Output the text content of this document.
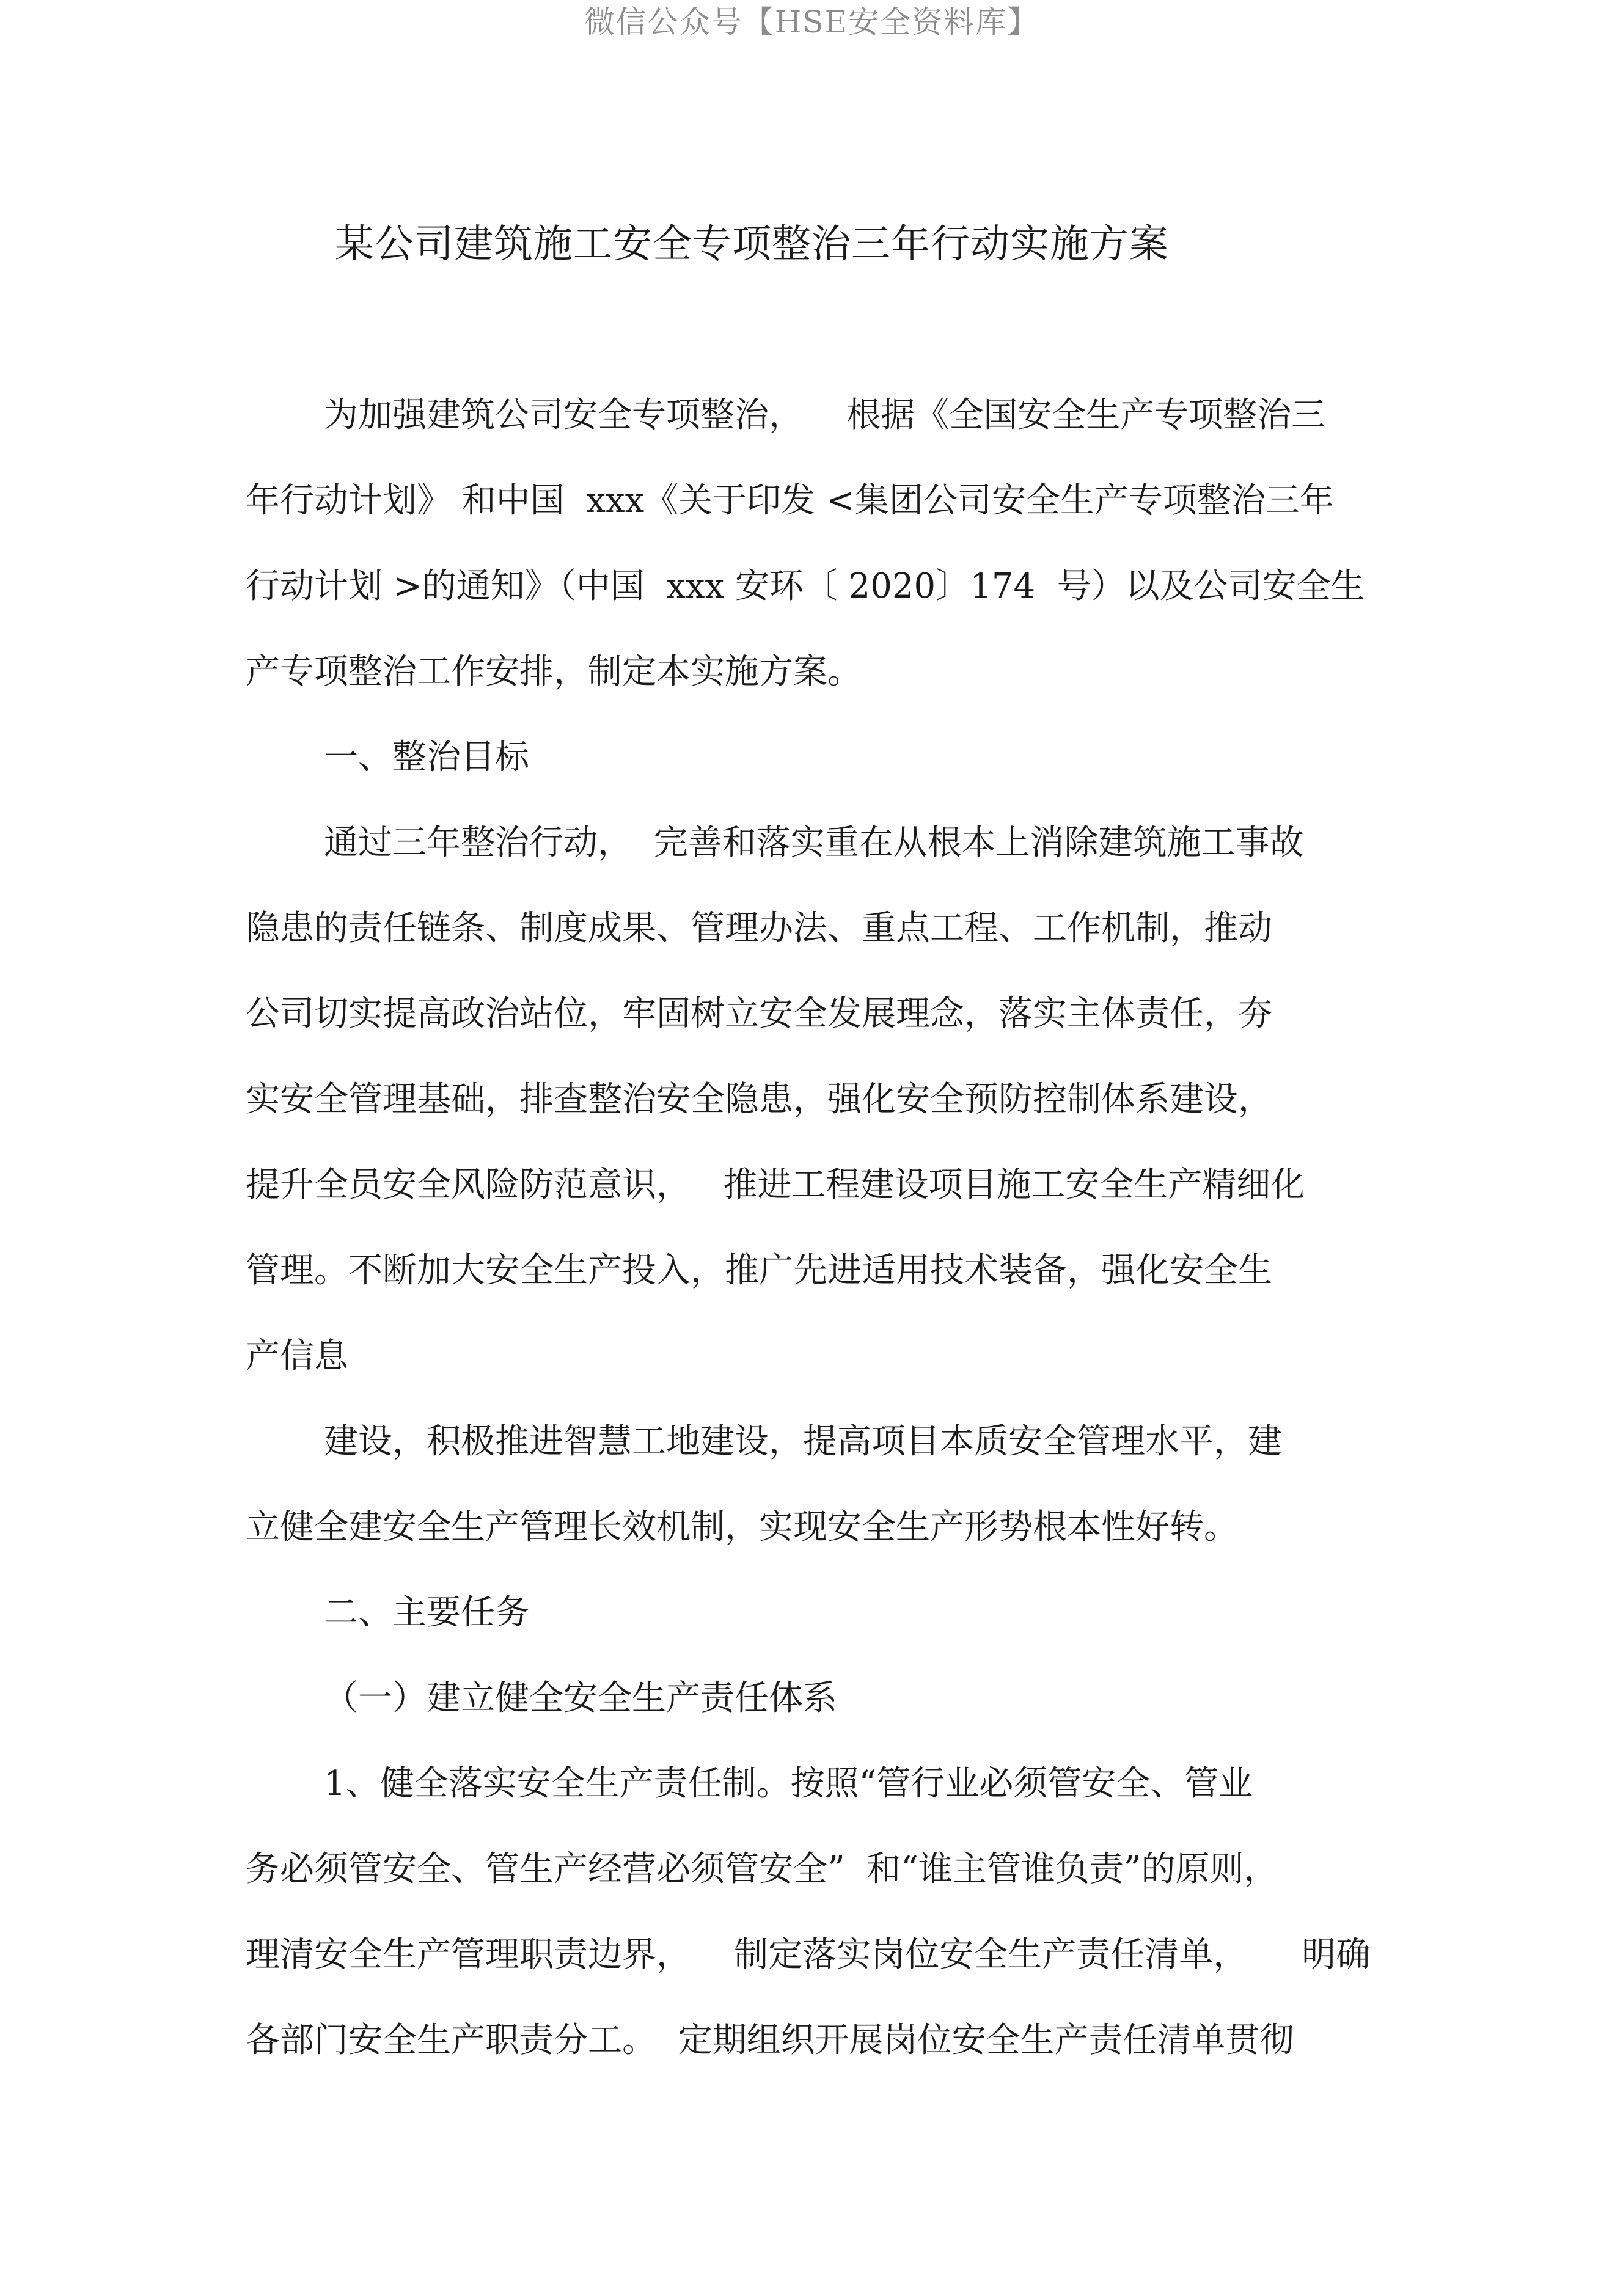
微信公众号【HSE安全资料库】
某公司建筑施工安全专项整治三年行动实施方案
为加强建筑公司安全专项整治，    根据《全国安全生产专项整治三
年行动计划》 和中国  xxx《关于印发 <集团公司安全生产专项整治三年
行动计划 >的通知》（中国  xxx 安环〔 2020〕174  号）以及公司安全生
产专项整治工作安排，制定本实施方案。
一、整治目标
通过三年整治行动，  完善和落实重在从根本上消除建筑施工事故
隐患的责任链条、制度成果、管理办法、重点工程、工作机制，推动
公司切实提高政治站位，牢固树立安全发展理念，落实主体责任，夯
实安全管理基础，排查整治安全隐患，强化安全预防控制体系建设，
提升全员安全风险防范意识，   推进工程建设项目施工安全生产精细化
管理。不断加大安全生产投入，推广先进适用技术装备，强化安全生
产信息
建设，积极推进智慧工地建设，提高项目本质安全管理水平，建
立健全建安全生产管理长效机制，实现安全生产形势根本性好转。
二、主要任务
（一）建立健全安全生产责任体系
1、健全落实安全生产责任制。按照“管行业必须管安全、管业
务必须管安全、管生产经营必须管安全”  和“谁主管谁负责”的原则，
理清安全生产管理职责边界，    制定落实岗位安全生产责任清单，     明确
各部门安全生产职责分工。  定期组织开展岗位安全生产责任清单贯彻
